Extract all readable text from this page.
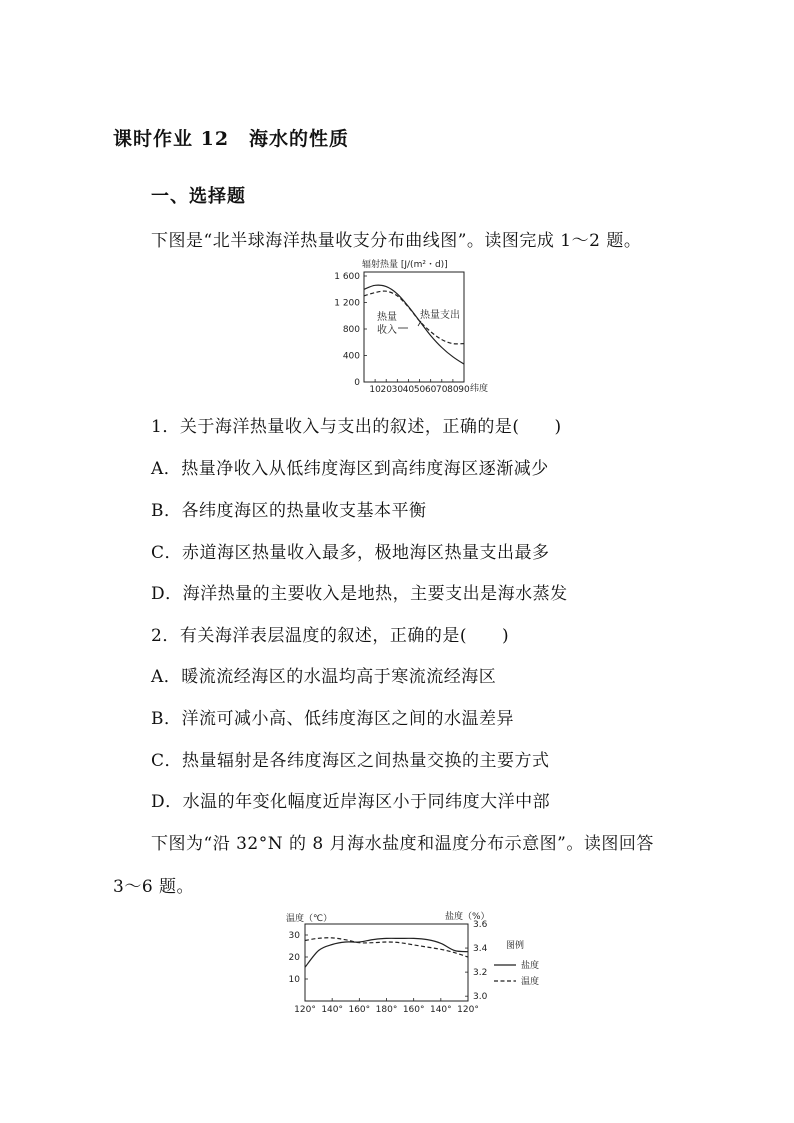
课时作业 12　海水的性质
一、选择题
下图是“北半球海洋热量收支分布曲线图”。读图完成 1～2 题。
辐射热量 [J/(m²・d)]
0
400
800
1 200
1 600
10 20 30 40 50 60 70 80 90
热量
收入
热量支出
纬度
1．关于海洋热量收入与支出的叙述，正确的是(　　)
A．热量净收入从低纬度海区到高纬度海区逐渐减少
B．各纬度海区的热量收支基本平衡
C．赤道海区热量收入最多，极地海区热量支出最多
D．海洋热量的主要收入是地热，主要支出是海水蒸发
2．有关海洋表层温度的叙述，正确的是(　　)
A．暖流流经海区的水温均高于寒流流经海区
B．洋流可减小高、低纬度海区之间的水温差异
C．热量辐射是各纬度海区之间热量交换的主要方式
D．水温的年变化幅度近岸海区小于同纬度大洋中部
下图为“沿 32°N 的 8 月海水盐度和温度分布示意图”。读图回答
3～6 题。
温度（℃）	盐度（%）
10
20
30
3.0
3.2
3.4
3.6
120° 140° 160° 180° 160° 140° 120°
图例
盐度
温度
